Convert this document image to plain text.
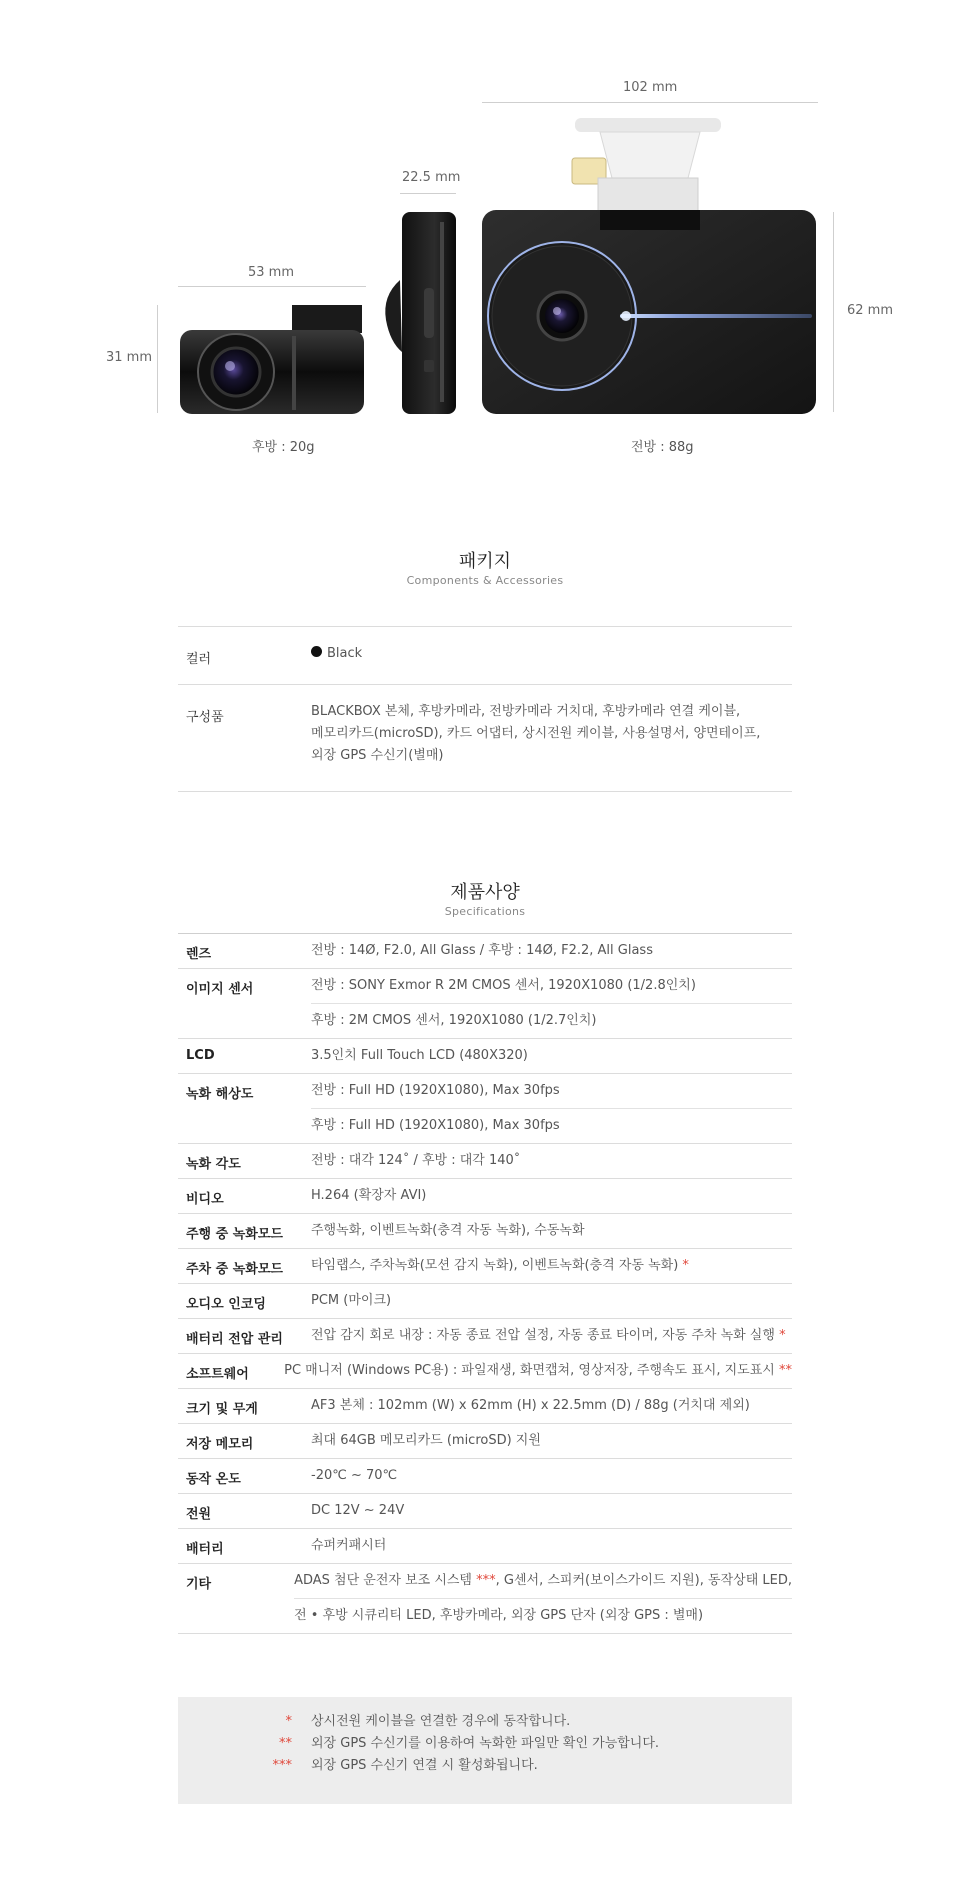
102 mm
22.5 mm
53 mm
31 mm
62 mm
후방 : 20g	전방 : 88g
패키지
Components & Accessories
컬러	Black
구성품	BLACKBOX 본체, 후방카메라, 전방카메라 거치대, 후방카메라 연결 케이블,
메모리카드(microSD), 카드 어댑터, 상시전원 케이블, 사용설명서, 양면테이프,
외장 GPS 수신기(별매)
제품사양
Specifications
렌즈	전방 : 14Ø, F2.0, All Glass / 후방 : 14Ø, F2.2, All Glass
이미지 센서	전방 : SONY Exmor R 2M CMOS 센서, 1920X1080 (1/2.8인치)
후방 : 2M CMOS 센서, 1920X1080 (1/2.7인치)
LCD	3.5인치 Full Touch LCD (480X320)
녹화 해상도	전방 : Full HD (1920X1080), Max 30fps
후방 : Full HD (1920X1080), Max 30fps
녹화 각도	전방 : 대각 124˚ / 후방 : 대각 140˚
비디오	H.264 (확장자 AVI)
주행 중 녹화모드	주행녹화, 이벤트녹화(충격 자동 녹화), 수동녹화
주차 중 녹화모드	타임랩스, 주차녹화(모션 감지 녹화), 이벤트녹화(충격 자동 녹화) *
오디오 인코딩	PCM (마이크)
배터리 전압 관리	전압 감지 회로 내장 : 자동 종료 전압 설정, 자동 종료 타이머, 자동 주차 녹화 실행 *
소프트웨어	PC 매니저 (Windows PC용) : 파일재생, 화면캡쳐, 영상저장, 주행속도 표시, 지도표시 **
크기 및 무게	AF3 본체 : 102mm (W) x 62mm (H) x 22.5mm (D) / 88g (거치대 제외)
저장 메모리	최대 64GB 메모리카드 (microSD) 지원
동작 온도	-20℃ ~ 70℃
전원	DC 12V ~ 24V
배터리	슈퍼커패시터
기타	ADAS 첨단 운전자 보조 시스템 ***, G센서, 스피커(보이스가이드 지원), 동작상태 LED,
전 • 후방 시큐리티 LED, 후방카메라, 외장 GPS 단자 (외장 GPS : 별매)
* 상시전원 케이블을 연결한 경우에 동작합니다.
** 외장 GPS 수신기를 이용하여 녹화한 파일만 확인 가능합니다.
*** 외장 GPS 수신기 연결 시 활성화됩니다.
